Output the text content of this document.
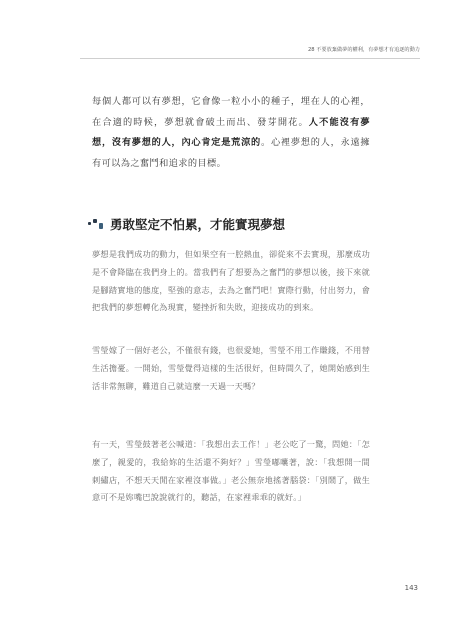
28 不要放棄做夢的權利，有夢想才有追逐的動力
每個人都可以有夢想，它會像一粒小小的種子，埋在人的心裡，在合適的時候，夢想就會破土而出、發芽開花。人不能沒有夢想，沒有夢想的人，內心肯定是荒涼的。心裡夢想的人，永遠擁有可以為之奮鬥和追求的目標。
勇敢堅定不怕累，才能實現夢想
夢想是我們成功的動力，但如果空有一腔熱血，卻從來不去實現，那麼成功是不會降臨在我們身上的。當我們有了想要為之奮鬥的夢想以後，接下來就是腳踏實地的態度，堅強的意志，去為之奮鬥吧！實際行動，付出努力，會把我們的夢想轉化為現實，變挫折和失敗，迎接成功的到來。
雪瑩嫁了一個好老公，不僅很有錢，也很愛她，雪瑩不用工作賺錢，不用替生活擔憂。一開始，雪瑩覺得這樣的生活很好，但時間久了，她開始感到生活非常無聊，難道自己就這麼一天過一天嗎？
有一天，雪瑩鼓著老公喊道：「我想出去工作！」老公吃了一驚，問她：「怎麼了，親愛的，我給妳的生活還不夠好？」雪瑩嘟囔著，說：「我想開一間刺繡店，不想天天閒在家裡沒事做。」老公無奈地搖著腦袋：「別鬧了，做生意可不是妳嘴巴說說就行的，聽話，在家裡乖乖的就好。」
143
